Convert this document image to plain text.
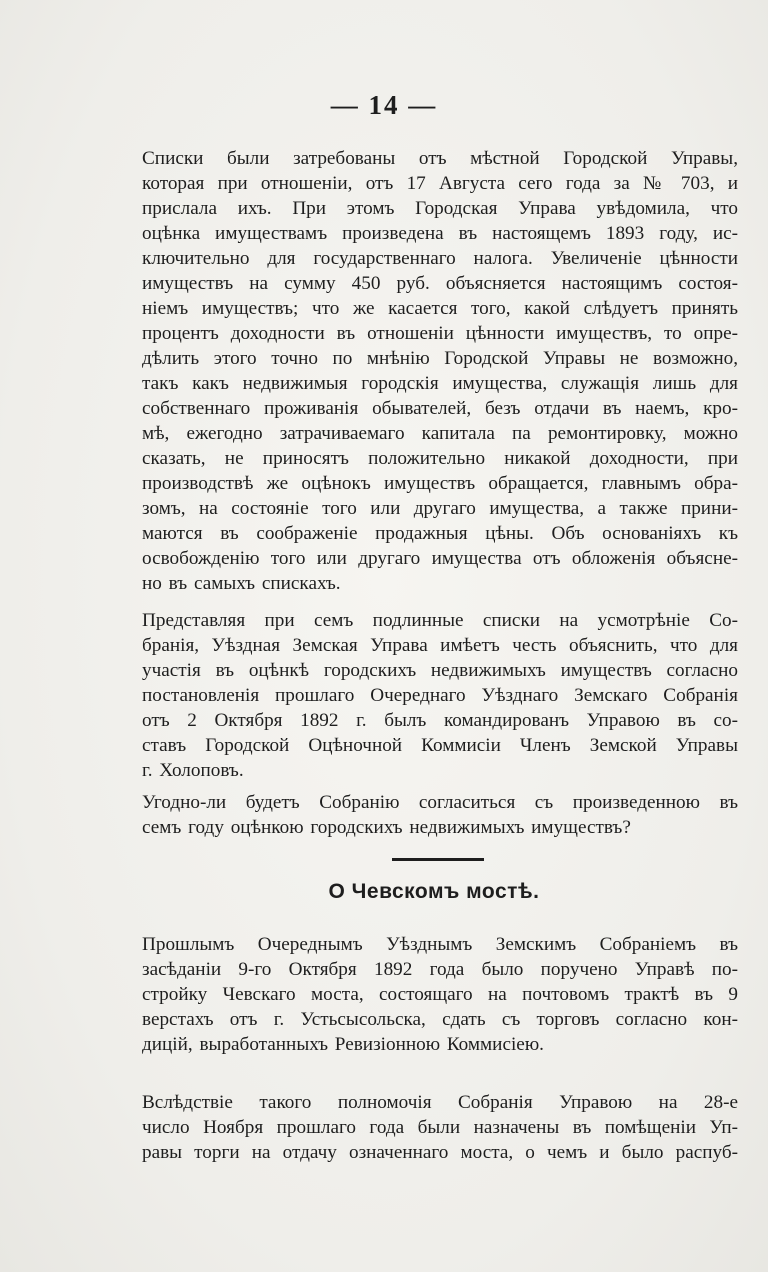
— 14 —
Списки были затребованы отъ мѣстной Городской Управы,
которая при отношеніи, отъ 17 Августа сего года за № 703, и
прислала ихъ. При этомъ Городская Управа увѣдомила, что
оцѣнка имуществамъ произведена въ настоящемъ 1893 году, ис-
ключительно для государственнаго налога. Увеличеніе цѣнности
имуществъ на сумму 450 руб. объясняется настоящимъ состоя-
ніемъ имуществъ; что же касается того, какой слѣдуетъ принять
процентъ доходности въ отношеніи цѣнности имуществъ, то опре-
дѣлить этого точно по мнѣнію Городской Управы не возможно,
такъ какъ недвижимыя городскія имущества, служащія лишь для
собственнаго проживанія обывателей, безъ отдачи въ наемъ, кро-
мѣ, ежегодно затрачиваемаго капитала па ремонтировку, можно
сказать, не приносятъ положительно никакой доходности, при
производствѣ же оцѣнокъ имуществъ обращается, главнымъ обра-
зомъ, на состояніе того или другаго имущества, а также прини-
маются въ соображеніе продажныя цѣны. Объ основаніяхъ къ
освобожденію того или другаго имущества отъ обложенія объясне-
но въ самыхъ спискахъ.
Представляя при семъ подлинные списки на усмотрѣніе Со-
бранія, Уѣздная Земская Управа имѣетъ честь объяснить, что для
участія въ оцѣнкѣ городскихъ недвижимыхъ имуществъ согласно
постановленія прошлаго Очереднаго Уѣзднаго Земскаго Собранія
отъ 2 Октября 1892 г. былъ командированъ Управою въ со-
ставъ Городской Оцѣночной Коммисіи Членъ Земской Управы
г. Холоповъ.
Угодно-ли будетъ Собранію согласиться съ произведенною въ
семъ году оцѣнкою городскихъ недвижимыхъ имуществъ?
О Чевскомъ мостѣ.
Прошлымъ Очереднымъ Уѣзднымъ Земскимъ Собраніемъ въ
засѣданіи 9-го Октября 1892 года было поручено Управѣ по-
стройку Чевскаго моста, состоящаго на почтовомъ трактѣ въ 9
верстахъ отъ г. Устьсысольска, сдать съ торговъ согласно кон-
дицій, выработанныхъ Ревизіонною Коммисіею.
Вслѣдствіе такого полномочія Собранія Управою на 28-е
число Ноября прошлаго года были назначены въ помѣщеніи Уп-
равы торги на отдачу означеннаго моста, о чемъ и было распуб-
